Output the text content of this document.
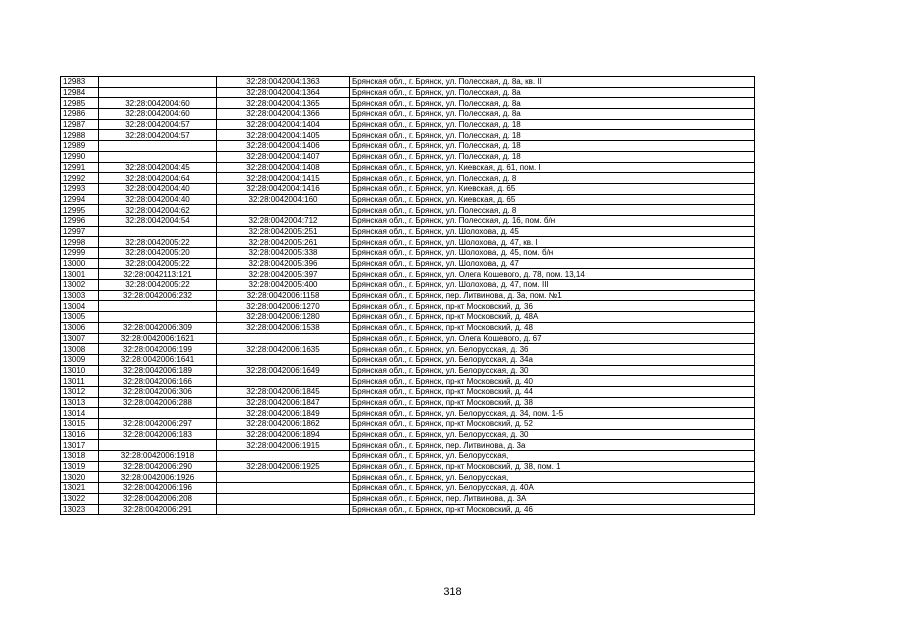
12983		32:28:0042004:1363	Брянская обл., г. Брянск, ул. Полесская, д. 8а, кв. II
12984		32:28:0042004:1364	Брянская обл., г. Брянск, ул. Полесская, д. 8а
12985	32:28:0042004:60	32:28:0042004:1365	Брянская обл., г. Брянск, ул. Полесская, д. 8а
12986	32:28:0042004:60	32:28:0042004:1366	Брянская обл., г. Брянск, ул. Полесская, д. 8а
12987	32:28:0042004:57	32:28:0042004:1404	Брянская обл., г. Брянск, ул. Полесская, д. 18
12988	32:28:0042004:57	32:28:0042004:1405	Брянская обл., г. Брянск, ул. Полесская, д. 18
12989		32:28:0042004:1406	Брянская обл., г. Брянск, ул. Полесская, д. 18
12990		32:28:0042004:1407	Брянская обл., г. Брянск, ул. Полесская, д. 18
12991	32:28:0042004:45	32:28:0042004:1408	Брянская обл., г. Брянск, ул. Киевская, д. 61, пом. I
12992	32:28:0042004:64	32:28:0042004:1415	Брянская обл., г. Брянск, ул. Полесская, д. 8
12993	32:28:0042004:40	32:28:0042004:1416	Брянская обл., г. Брянск, ул. Киевская, д. 65
12994	32:28:0042004:40	32:28:0042004:160	Брянская обл., г. Брянск, ул. Киевская, д. 65
12995	32:28:0042004:62		Брянская обл., г. Брянск, ул. Полесская, д. 8
12996	32:28:0042004:54	32:28:0042004:712	Брянская обл., г. Брянск, ул. Полесская, д. 16, пом. б/н
12997		32:28:0042005:251	Брянская обл., г. Брянск, ул. Шолохова, д. 45
12998	32:28:0042005:22	32:28:0042005:261	Брянская обл., г. Брянск, ул. Шолохова, д. 47, кв. I
12999	32:28:0042005:20	32:28:0042005:338	Брянская обл., г. Брянск, ул. Шолохова, д. 45, пом. б/н
13000	32:28:0042005:22	32:28:0042005:396	Брянская обл., г. Брянск, ул. Шолохова, д. 47
13001	32:28:0042113:121	32:28:0042005:397	Брянская обл., г. Брянск, ул. Олега Кошевого, д. 78, пом. 13,14
13002	32:28:0042005:22	32:28:0042005:400	Брянская обл., г. Брянск, ул. Шолохова, д. 47, пом. III
13003	32:28:0042006:232	32:28:0042006:1158	Брянская обл., г. Брянск, пер. Литвинова, д. 3а, пом. №1
13004		32:28:0042006:1270	Брянская обл., г. Брянск, пр-кт Московский, д. 36
13005		32:28:0042006:1280	Брянская обл., г. Брянск, пр-кт Московский, д. 48А
13006	32:28:0042006:309	32:28:0042006:1538	Брянская обл., г. Брянск, пр-кт Московский, д. 48
13007	32:28:0042006:1621		Брянская обл., г. Брянск, ул. Олега Кошевого, д. 67
13008	32:28:0042006:199	32:28:0042006:1635	Брянская обл., г. Брянск, ул. Белорусская, д. 36
13009	32:28:0042006:1641		Брянская обл., г. Брянск, ул. Белорусская, д. 34а
13010	32:28:0042006:189	32:28:0042006:1649	Брянская обл., г. Брянск, ул. Белорусская, д. 30
13011	32:28:0042006:166		Брянская обл., г. Брянск, пр-кт Московский, д. 40
13012	32:28:0042006:306	32:28:0042006:1845	Брянская обл., г. Брянск, пр-кт Московский, д. 44
13013	32:28:0042006:288	32:28:0042006:1847	Брянская обл., г. Брянск, пр-кт Московский, д. 38
13014		32:28:0042006:1849	Брянская обл., г. Брянск, ул. Белорусская, д. 34, пом. 1-5
13015	32:28:0042006:297	32:28:0042006:1862	Брянская обл., г. Брянск, пр-кт Московский, д. 52
13016	32:28:0042006:183	32:28:0042006:1894	Брянская обл., г. Брянск, ул. Белорусская, д. 30
13017		32:28:0042006:1915	Брянская обл., г. Брянск, пер. Литвинова, д. 3а
13018	32:28:0042006:1918		Брянская обл., г. Брянск, ул. Белорусская,
13019	32:28:0042006:290	32:28:0042006:1925	Брянская обл., г. Брянск, пр-кт Московский, д. 38, пом. 1
13020	32:28:0042006:1926		Брянская обл., г. Брянск, ул. Белорусская,
13021	32:28:0042006:196		Брянская обл., г. Брянск, ул. Белорусская, д. 40А
13022	32:28:0042006:208		Брянская обл., г. Брянск, пер. Литвинова, д. 3А
13023	32:28:0042006:291		Брянская обл., г. Брянск, пр-кт Московский, д. 46
318
